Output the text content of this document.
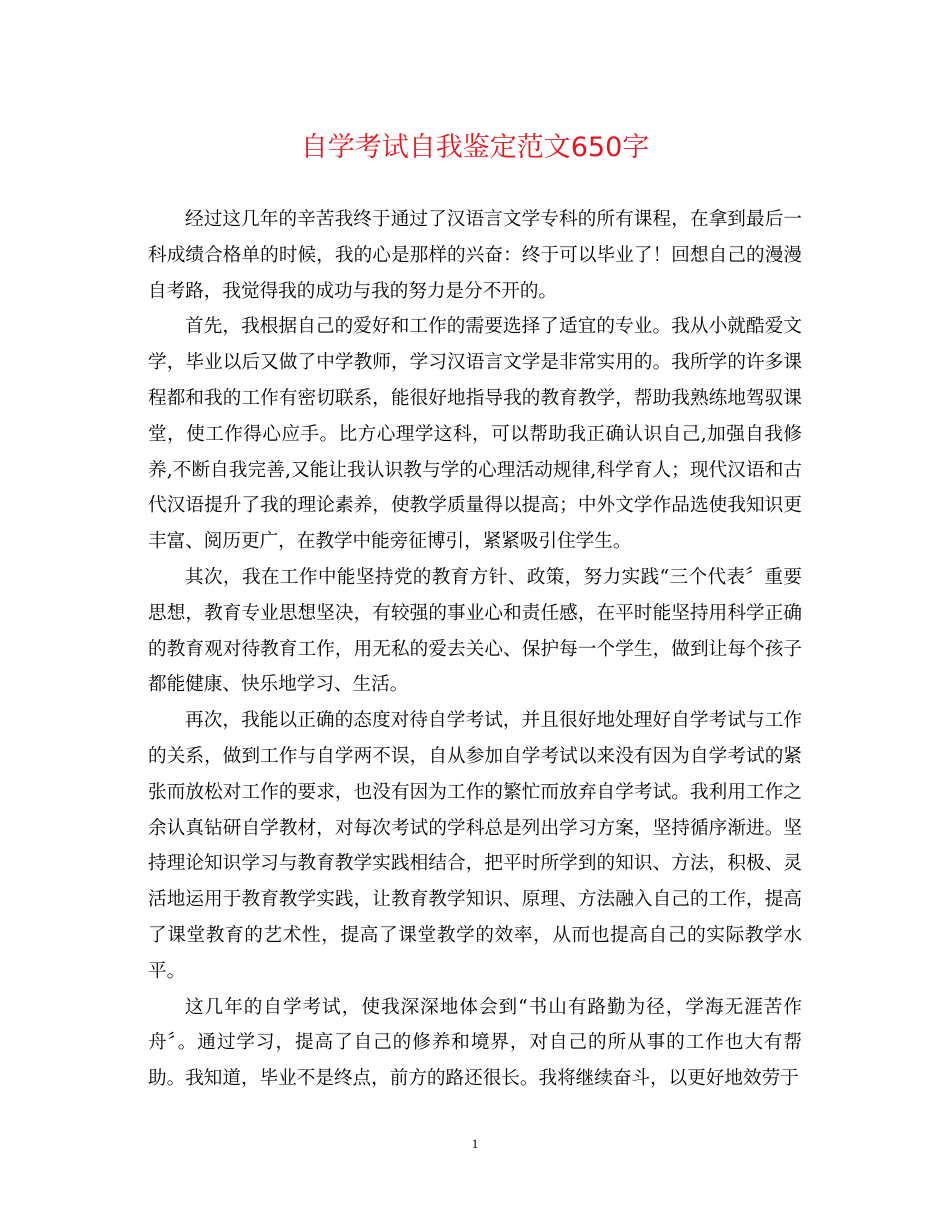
自学考试自我鉴定范文650字

经过这几年的辛苦我终于通过了汉语言文学专科的所有课程，在拿到最后一科成绩合格单的时候，我的心是那样的兴奋：终于可以毕业了！回想自己的漫漫自考路，我觉得我的成功与我的努力是分不开的。

首先，我根据自己的爱好和工作的需要选择了适宜的专业。我从小就酷爱文学，毕业以后又做了中学教师，学习汉语言文学是非常实用的。我所学的许多课程都和我的工作有密切联系，能很好地指导我的教育教学，帮助我熟练地驾驭课堂，使工作得心应手。比方心理学这科，可以帮助我正确认识自己,加强自我修养,不断自我完善,又能让我认识教与学的心理活动规律,科学育人；现代汉语和古代汉语提升了我的理论素养，使教学质量得以提高；中外文学作品选使我知识更丰富、阅历更广，在教学中能旁征博引，紧紧吸引住学生。

其次，我在工作中能坚持党的教育方针、政策，努力实践“三个代表〞重要思想，教育专业思想坚决，有较强的事业心和责任感，在平时能坚持用科学正确的教育观对待教育工作，用无私的爱去关心、保护每一个学生，做到让每个孩子都能健康、快乐地学习、生活。

再次，我能以正确的态度对待自学考试，并且很好地处理好自学考试与工作的关系，做到工作与自学两不误，自从参加自学考试以来没有因为自学考试的紧张而放松对工作的要求，也没有因为工作的繁忙而放弃自学考试。我利用工作之余认真钻研自学教材，对每次考试的学科总是列出学习方案，坚持循序渐进。坚持理论知识学习与教育教学实践相结合，把平时所学到的知识、方法，积极、灵活地运用于教育教学实践，让教育教学知识、原理、方法融入自己的工作，提高了课堂教育的艺术性，提高了课堂教学的效率，从而也提高自己的实际教学水平。

这几年的自学考试，使我深深地体会到“书山有路勤为径，学海无涯苦作舟〞。通过学习，提高了自己的修养和境界，对自己的所从事的工作也大有帮助。我知道，毕业不是终点，前方的路还很长。我将继续奋斗，以更好地效劳于

1
